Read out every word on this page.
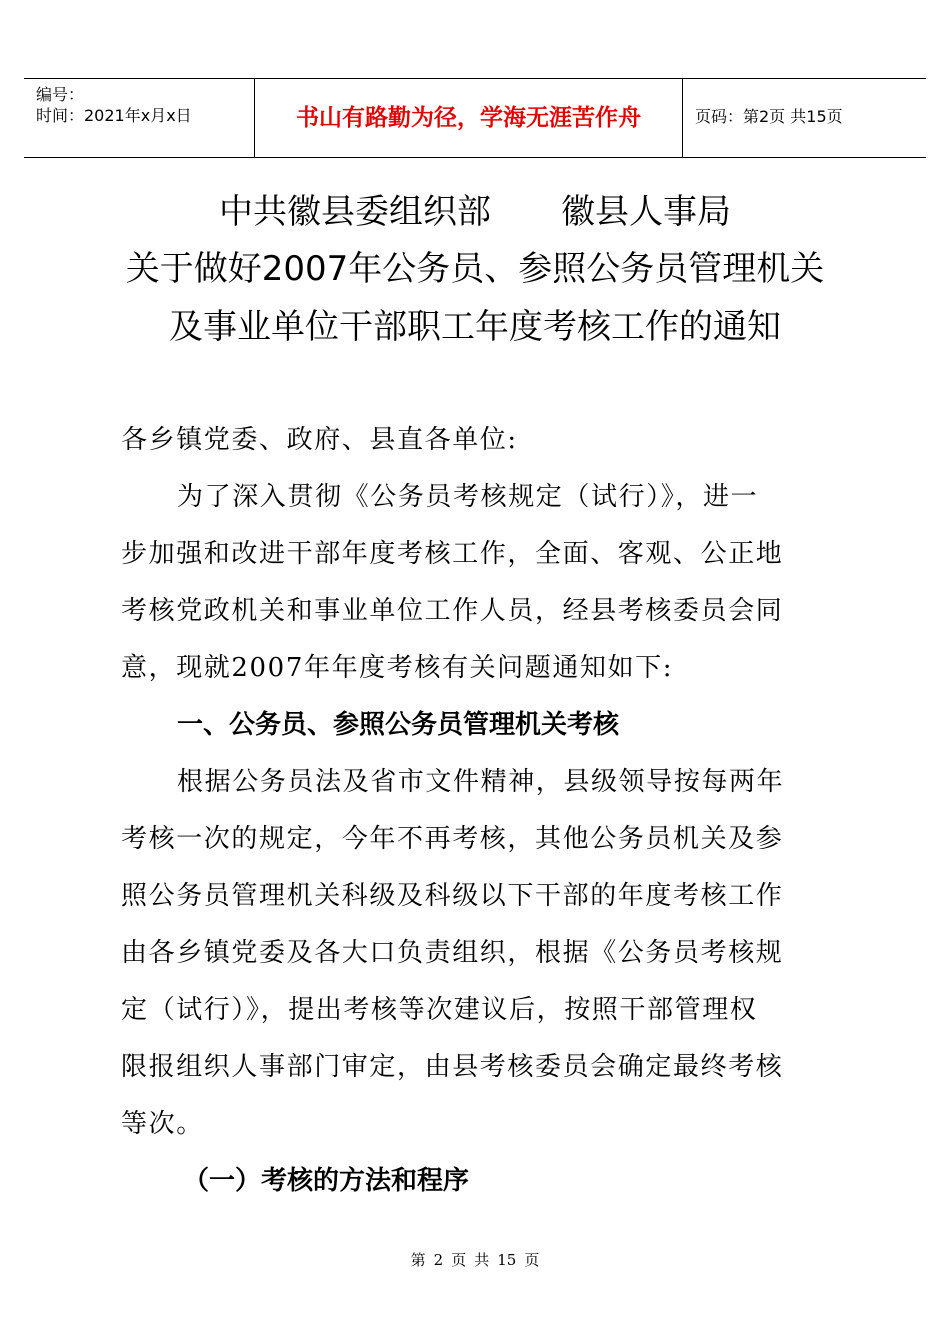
编号：
时间：2021年x月x日	书山有路勤为径，学海无涯苦作舟	页码：第2页 共15页
中共徽县委组织部 徽县人事局
关于做好2007年公务员、参照公务员管理机关
及事业单位干部职工年度考核工作的通知
各乡镇党委、政府、县直各单位:
为了深入贯彻《公务员考核规定（试行）》，进一
步加强和改进干部年度考核工作，全面、客观、公正地
考核党政机关和事业单位工作人员，经县考核委员会同
意，现就2007年年度考核有关问题通知如下:
一、公务员、参照公务员管理机关考核
根据公务员法及省市文件精神，县级领导按每两年
考核一次的规定，今年不再考核，其他公务员机关及参
照公务员管理机关科级及科级以下干部的年度考核工作
由各乡镇党委及各大口负责组织，根据《公务员考核规
定（试行）》，提出考核等次建议后，按照干部管理权
限报组织人事部门审定，由县考核委员会确定最终考核
等次。
（一）考核的方法和程序
第 2 页 共 15 页
